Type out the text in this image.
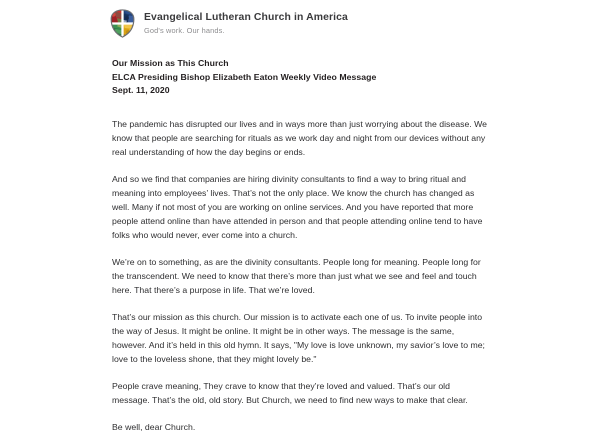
Evangelical Lutheran Church in America
God's work. Our hands.
Our Mission as This Church
ELCA Presiding Bishop Elizabeth Eaton Weekly Video Message
Sept. 11, 2020

The pandemic has disrupted our lives and in ways more than just worrying about the disease. We know that people are searching for rituals as we work day and night from our devices without any real understanding of how the day begins or ends.

And so we find that companies are hiring divinity consultants to find a way to bring ritual and meaning into employees’ lives. That’s not the only place. We know the church has changed as well. Many if not most of you are working on online services. And you have reported that more people attend online than have attended in person and that people attending online tend to have folks who would never, ever come into a church.

We’re on to something, as are the divinity consultants. People long for meaning. People long for the transcendent. We need to know that there’s more than just what we see and feel and touch here. That there’s a purpose in life. That we’re loved.

That’s our mission as this church. Our mission is to activate each one of us. To invite people into the way of Jesus. It might be online. It might be in other ways. The message is the same, however. And it’s held in this old hymn. It says, "My love is love unknown, my savior’s love to me; love to the loveless shone, that they might lovely be."

People crave meaning, They crave to know that they’re loved and valued. That’s our old message. That’s the old, old story. But Church, we need to find new ways to make that clear.

Be well, dear Church.
